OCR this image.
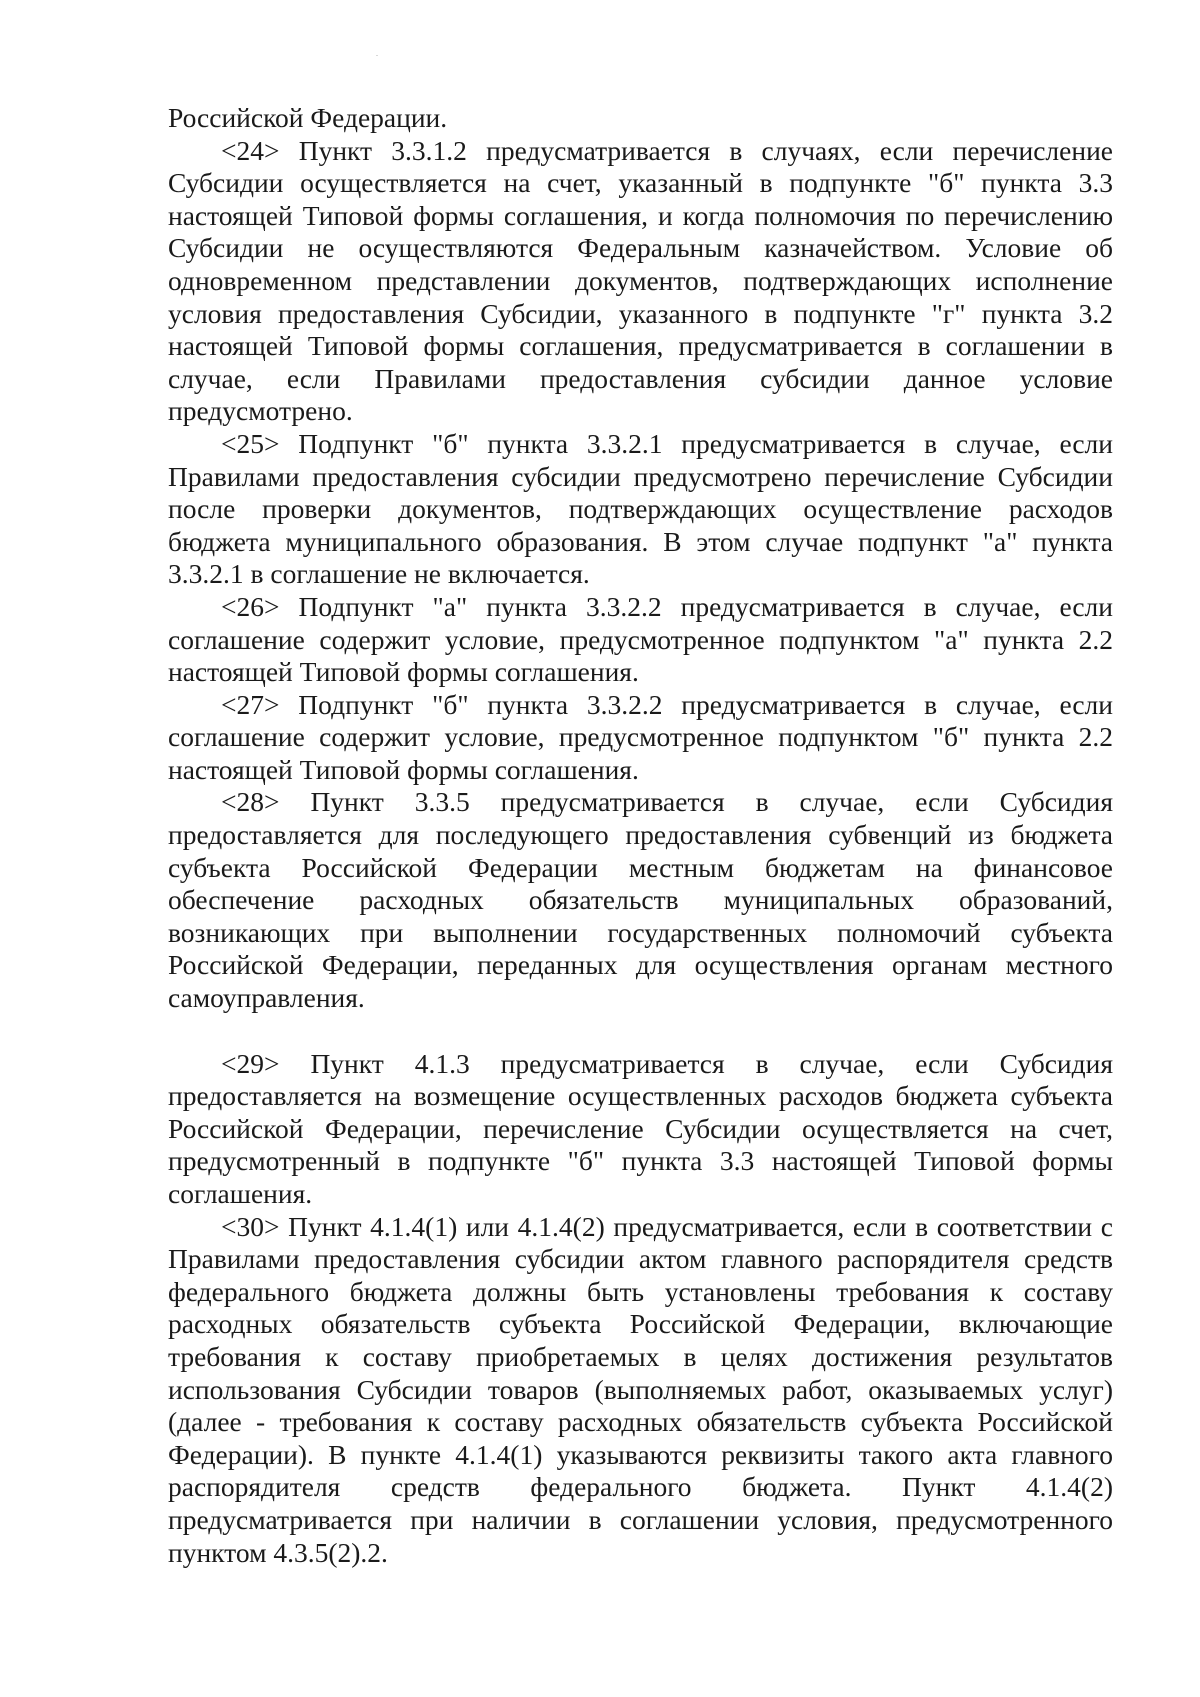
Российской Федерации.

<24> Пункт 3.3.1.2 предусматривается в случаях, если перечисление Субсидии осуществляется на счет, указанный в подпункте "б" пункта 3.3 настоящей Типовой формы соглашения, и когда полномочия по перечислению Субсидии не осуществляются Федеральным казначейством. Условие об одновременном представлении документов, подтверждающих исполнение условия предоставления Субсидии, указанного в подпункте "г" пункта 3.2 настоящей Типовой формы соглашения, предусматривается в соглашении в случае, если Правилами предоставления субсидии данное условие предусмотрено.

<25> Подпункт "б" пункта 3.3.2.1 предусматривается в случае, если Правилами предоставления субсидии предусмотрено перечисление Субсидии после проверки документов, подтверждающих осуществление расходов бюджета муниципального образования. В этом случае подпункт "а" пункта 3.3.2.1 в соглашение не включается.

<26> Подпункт "а" пункта 3.3.2.2 предусматривается в случае, если соглашение содержит условие, предусмотренное подпунктом "а" пункта 2.2 настоящей Типовой формы соглашения.

<27> Подпункт "б" пункта 3.3.2.2 предусматривается в случае, если соглашение содержит условие, предусмотренное подпунктом "б" пункта 2.2 настоящей Типовой формы соглашения.

<28> Пункт 3.3.5 предусматривается в случае, если Субсидия предоставляется для последующего предоставления субвенций из бюджета субъекта Российской Федерации местным бюджетам на финансовое обеспечение расходных обязательств муниципальных образований, возникающих при выполнении государственных полномочий субъекта Российской Федерации, переданных для осуществления органам местного самоуправления.

<29> Пункт 4.1.3 предусматривается в случае, если Субсидия предоставляется на возмещение осуществленных расходов бюджета субъекта Российской Федерации, перечисление Субсидии осуществляется на счет, предусмотренный в подпункте "б" пункта 3.3 настоящей Типовой формы соглашения.

<30> Пункт 4.1.4(1) или 4.1.4(2) предусматривается, если в соответствии с Правилами предоставления субсидии актом главного распорядителя средств федерального бюджета должны быть установлены требования к составу расходных обязательств субъекта Российской Федерации, включающие требования к составу приобретаемых в целях достижения результатов использования Субсидии товаров (выполняемых работ, оказываемых услуг) (далее - требования к составу расходных обязательств субъекта Российской Федерации). В пункте 4.1.4(1) указываются реквизиты такого акта главного распорядителя средств федерального бюджета. Пункт 4.1.4(2) предусматривается при наличии в соглашении условия, предусмотренного пунктом 4.3.5(2).2.
